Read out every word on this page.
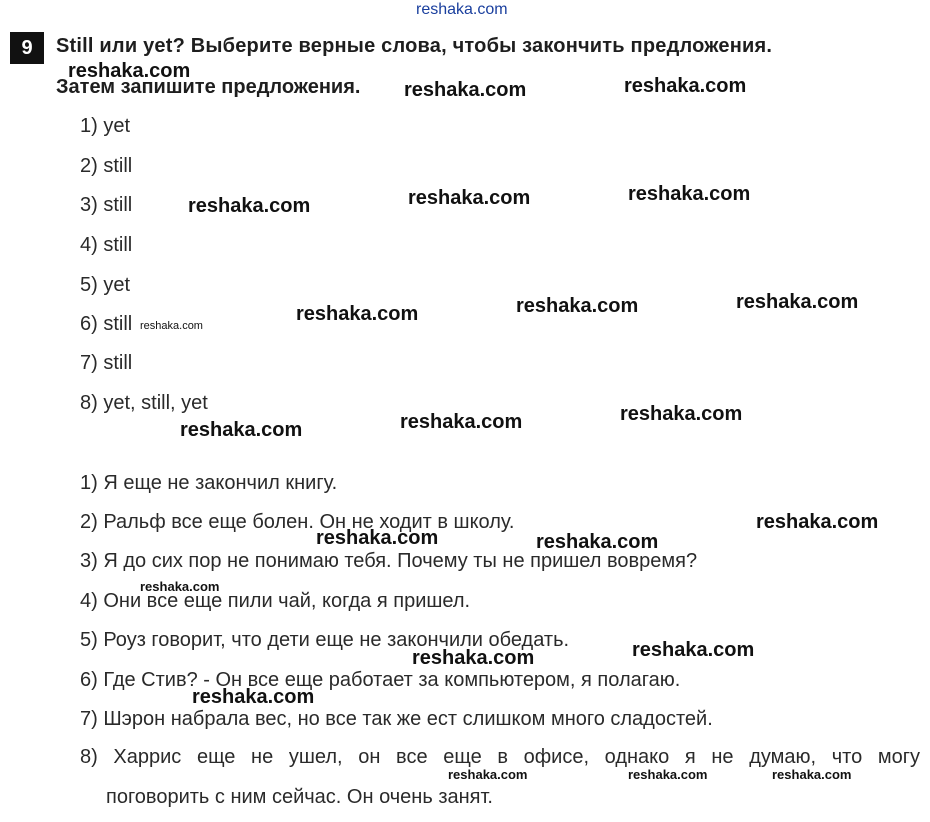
reshaka.com
9	Still или yet? Выберите верные слова, чтобы закончить предложения.
Затем запишите предложения.
1) yet
2) still
3) still
4) still
5) yet
6) still
7) still
8) yet, still, yet
1) Я еще не закончил книгу.
2) Ральф все еще болен. Он не ходит в школу.
3) Я до сих пор не понимаю тебя. Почему ты не пришел вовремя?
4) Они все еще пили чай, когда я пришел.
5) Роуз говорит, что дети еще не закончили обедать.
6) Где Стив? - Он все еще работает за компьютером, я полагаю.
7) Шэрон набрала вес, но все так же ест слишком много сладостей.
8) Харрис еще не ушел, он все еще в офисе, однако я не думаю, что могу
поговорить с ним сейчас. Он очень занят.
reshaka.com
reshaka.com	reshaka.com
reshaka.com	reshaka.com	reshaka.com
reshaka.com	reshaka.com	reshaka.com
reshaka.com
reshaka.com	reshaka.com	reshaka.com
reshaka.com
reshaka.com	reshaka.com
reshaka.com
reshaka.com
reshaka.com
reshaka.com
reshaka.com	reshaka.com	reshaka.com
